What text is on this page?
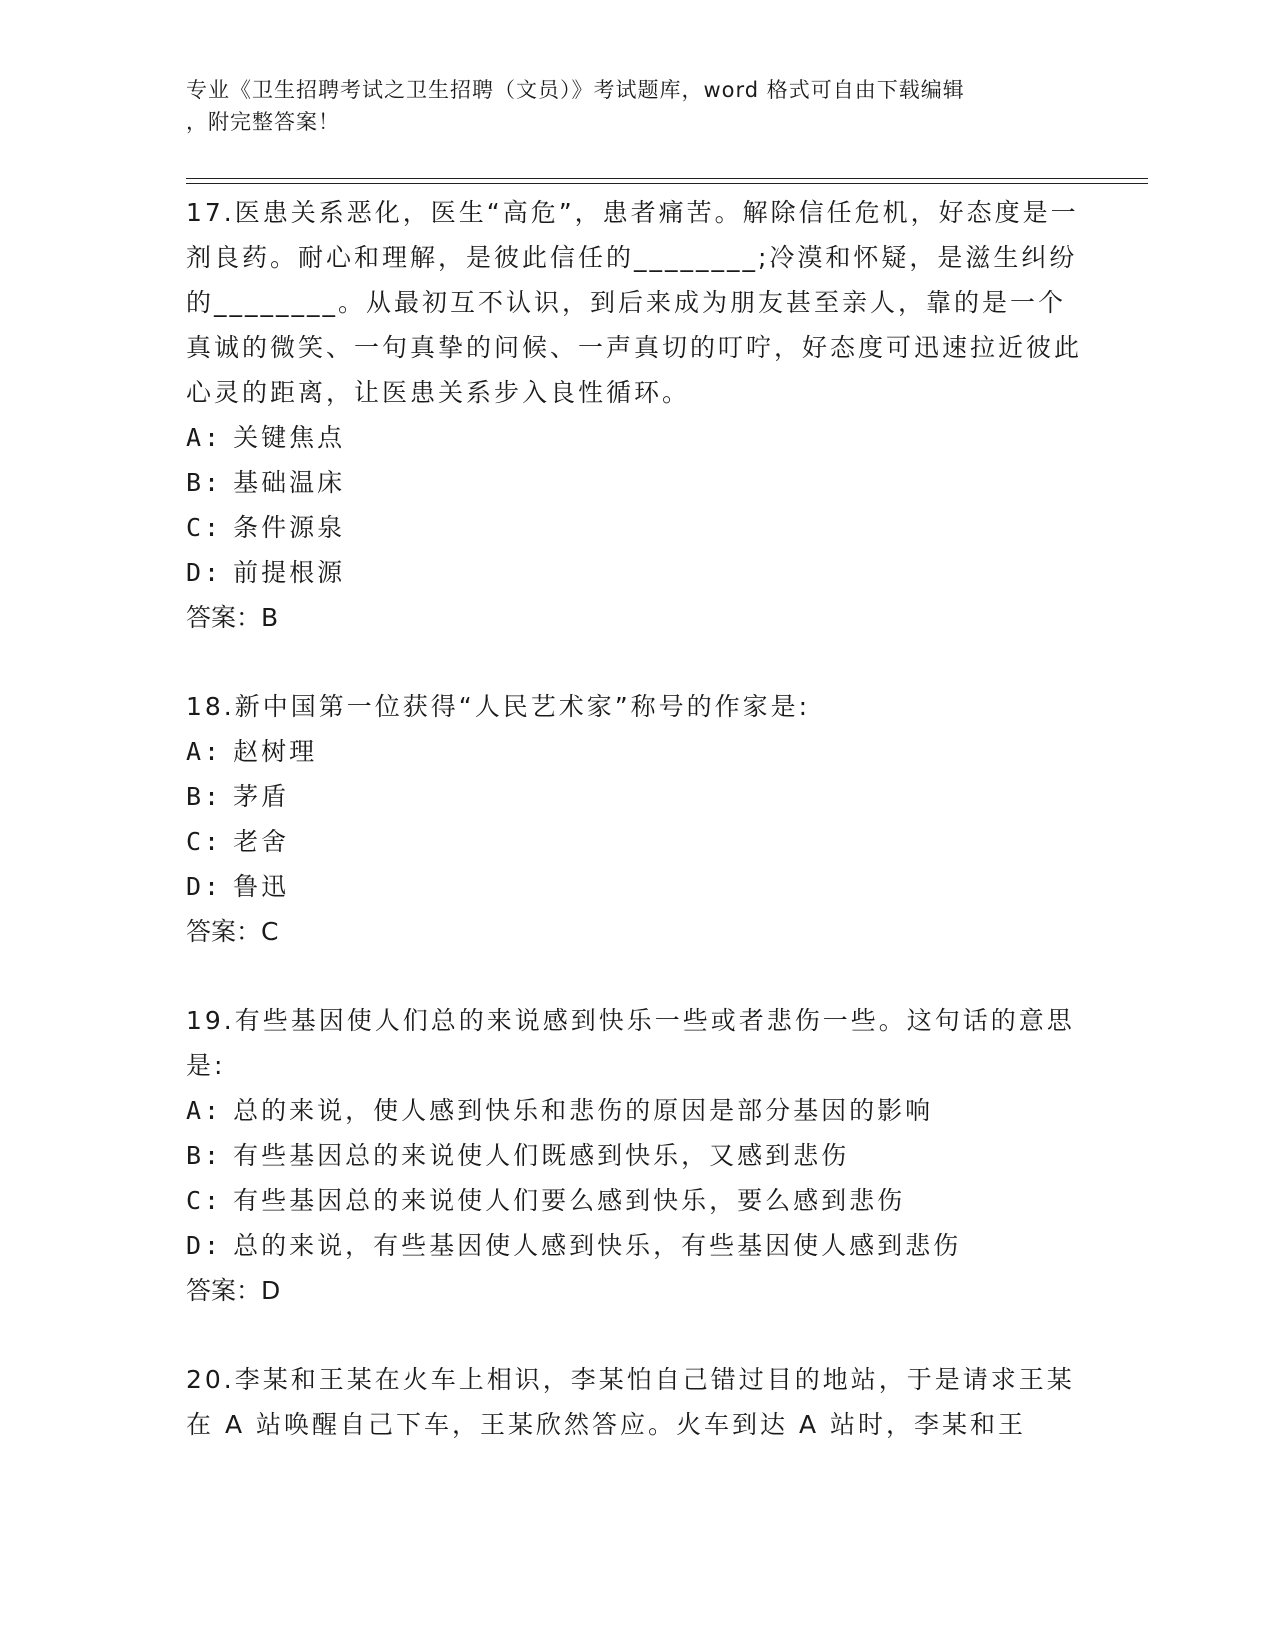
专业《卫生招聘考试之卫生招聘（文员）》考试题库，word 格式可自由下载编辑
，附完整答案！
17.医患关系恶化，医生“高危”，患者痛苦。解除信任危机，好态度是一剂良药。耐心和理解，是彼此信任的________;冷漠和怀疑，是滋生纠纷的________。从最初互不认识，到后来成为朋友甚至亲人，靠的是一个真诚的微笑、一句真挚的问候、一声真切的叮咛，好态度可迅速拉近彼此心灵的距离，让医患关系步入良性循环。
A: 关键焦点
B: 基础温床
C: 条件源泉
D: 前提根源
答案：B
18.新中国第一位获得“人民艺术家”称号的作家是:
A: 赵树理
B: 茅盾
C: 老舍
D: 鲁迅
答案：C
19.有些基因使人们总的来说感到快乐一些或者悲伤一些。这句话的意思是:
A: 总的来说，使人感到快乐和悲伤的原因是部分基因的影响
B: 有些基因总的来说使人们既感到快乐，又感到悲伤
C: 有些基因总的来说使人们要么感到快乐，要么感到悲伤
D: 总的来说，有些基因使人感到快乐，有些基因使人感到悲伤
答案：D
20.李某和王某在火车上相识，李某怕自己错过目的地站，于是请求王某在 A 站唤醒自己下车，王某欣然答应。火车到达 A 站时，李某和王
